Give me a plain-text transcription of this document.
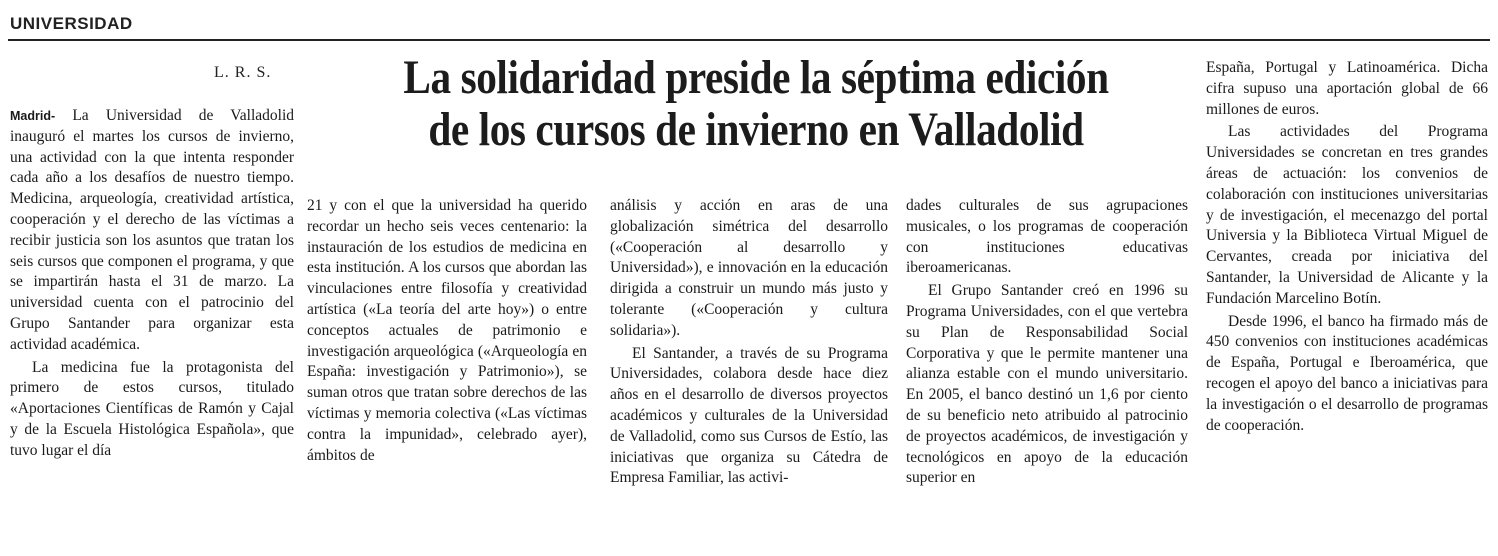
UNIVERSIDAD
L. R. S.	La solidaridad preside la séptima edición
de los cursos de invierno en Valladolid

Madrid- La Universidad de Valladolid inauguró el martes los cursos de invierno, una actividad con la que intenta responder cada año a los desafíos de nuestro tiempo. Medicina, arqueología, creatividad artística, cooperación y el derecho de las víctimas a recibir justicia son los asuntos que tratan los seis cursos que componen el programa, y que se impartirán hasta el 31 de marzo. La universidad cuenta con el patrocinio del Grupo Santander para organizar esta actividad académica.

La medicina fue la protagonista del primero de estos cursos, titulado «Aportaciones Científicas de Ramón y Cajal y de la Escuela Histológica Española», que tuvo lugar el día

21 y con el que la universidad ha querido recordar un hecho seis veces centenario: la instauración de los estudios de medicina en esta institución. A los cursos que abordan las vinculaciones entre filosofía y creatividad artística («La teoría del arte hoy») o entre conceptos actuales de patrimonio e investigación arqueológica («Arqueología en España: investigación y Patrimonio»), se suman otros que tratan sobre derechos de las víctimas y memoria colectiva («Las víctimas contra la impunidad», celebrado ayer), ámbitos de

análisis y acción en aras de una globalización simétrica del desarrollo («Cooperación al desarrollo y Universidad»), e innovación en la educación dirigida a construir un mundo más justo y tolerante («Cooperación y cultura solidaria»).

El Santander, a través de su Programa Universidades, colabora desde hace diez años en el desarrollo de diversos proyectos académicos y culturales de la Universidad de Valladolid, como sus Cursos de Estío, las iniciativas que organiza su Cátedra de Empresa Familiar, las activi-

dades culturales de sus agrupaciones musicales, o los programas de cooperación con instituciones educativas iberoamericanas.

El Grupo Santander creó en 1996 su Programa Universidades, con el que vertebra su Plan de Responsabilidad Social Corporativa y que le permite mantener una alianza estable con el mundo universitario. En 2005, el banco destinó un 1,6 por ciento de su beneficio neto atribuido al patrocinio de proyectos académicos, de investigación y tecnológicos en apoyo de la educación superior en

España, Portugal y Latinoamérica. Dicha cifra supuso una aportación global de 66 millones de euros.

Las actividades del Programa Universidades se concretan en tres grandes áreas de actuación: los convenios de colaboración con instituciones universitarias y de investigación, el mecenazgo del portal Universia y la Biblioteca Virtual Miguel de Cervantes, creada por iniciativa del Santander, la Universidad de Alicante y la Fundación Marcelino Botín.

Desde 1996, el banco ha firmado más de 450 convenios con instituciones académicas de España, Portugal e Iberoamérica, que recogen el apoyo del banco a iniciativas para la investigación o el desarrollo de programas de cooperación.
